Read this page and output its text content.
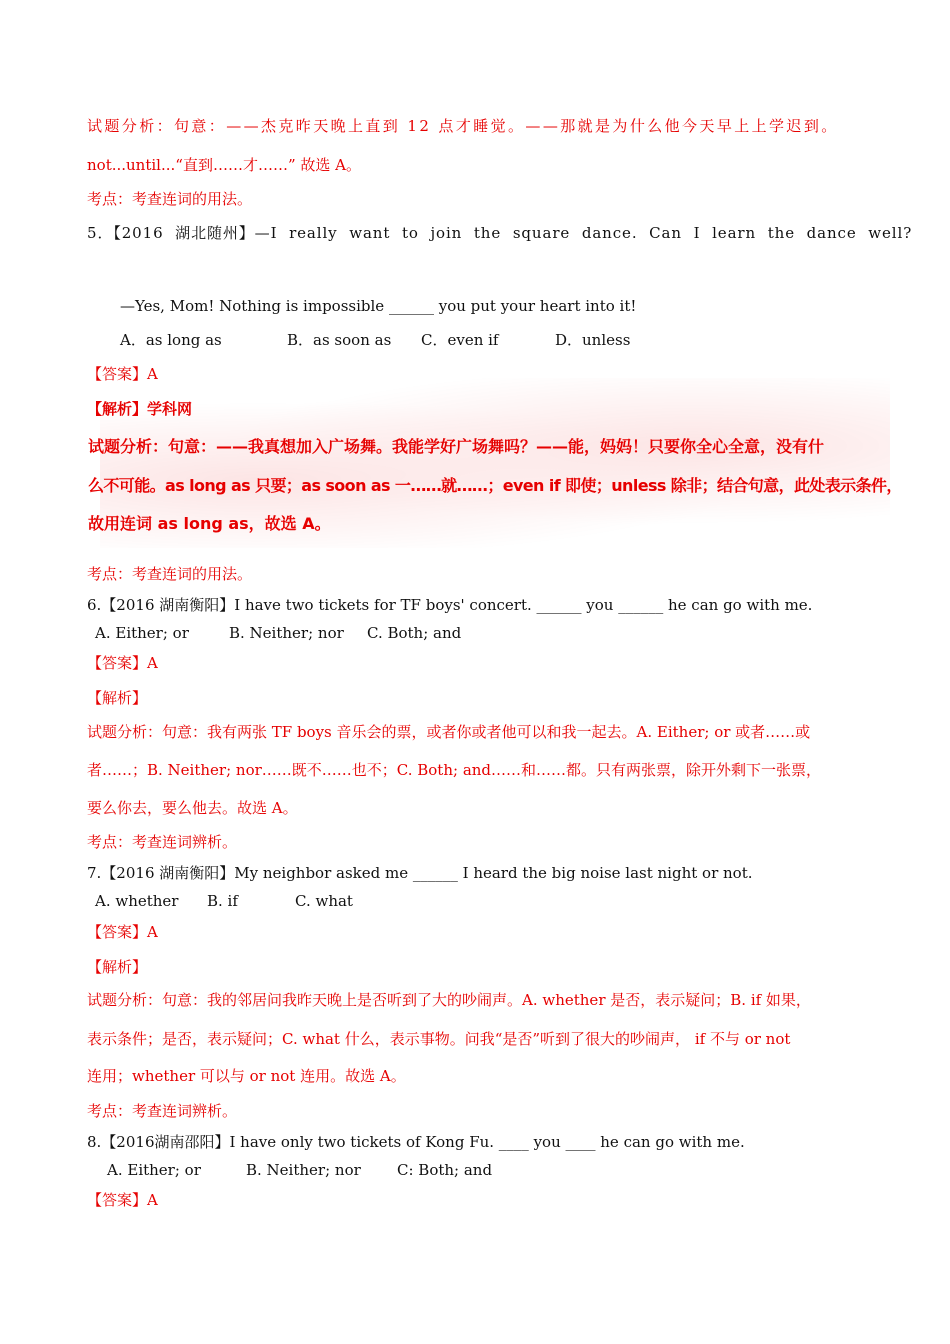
试题分析：句意：——杰克昨天晚上直到 12 点才睡觉。——那就是为什么他今天早上上学迟到。
not...until...“直到……才……” 故选 A。
考点：考查连词的用法。
5．【2016 湖北随州】—I really want to join the square dance. Can I learn the dance well?
—Yes, Mom! Nothing is impossible ______ you put your heart into it!
A．as long as	B．as soon as C．even if	D．unless
【答案】A
【解析】学科网
试题分析：句意：——我真想加入广场舞。我能学好广场舞吗？——能，妈妈！只要你全心全意，没有什
么不可能。as long as 只要；as soon as 一……就……；even if 即使；unless 除非；结合句意，此处表示条件，
故用连词 as long as，故选 A。
考点：考查连词的用法。
6.【2016 湖南衡阳】I have two tickets for TF boys' concert. ______ you ______ he can go with me.
A. Either; or	B. Neither; nor C. Both; and
【答案】A
【解析】
试题分析：句意：我有两张 TF boys 音乐会的票，或者你或者他可以和我一起去。A. Either; or 或者……或
者……；B. Neither; nor……既不……也不；C. Both; and……和……都。只有两张票，除开外剩下一张票，
要么你去，要么他去。故选 A。
考点：考查连词辨析。
7.【2016 湖南衡阳】My neighbor asked me ______ I heard the big noise last night or not.
A. whether B. if	C. what
【答案】A
【解析】
试题分析：句意：我的邻居问我昨天晚上是否听到了大的吵闹声。A. whether 是否，表示疑问；B. if 如果，
表示条件；是否，表示疑问；C. what 什么，表示事物。问我“是否”听到了很大的吵闹声， if 不与 or not
连用；whether 可以与 or not 连用。故选 A。
考点：考查连词辨析。
8.【2016湖南邵阳】I have only two tickets of Kong Fu. ____ you ____ he can go with me.
A. Either; or	B. Neither; nor C: Both; and
【答案】A
